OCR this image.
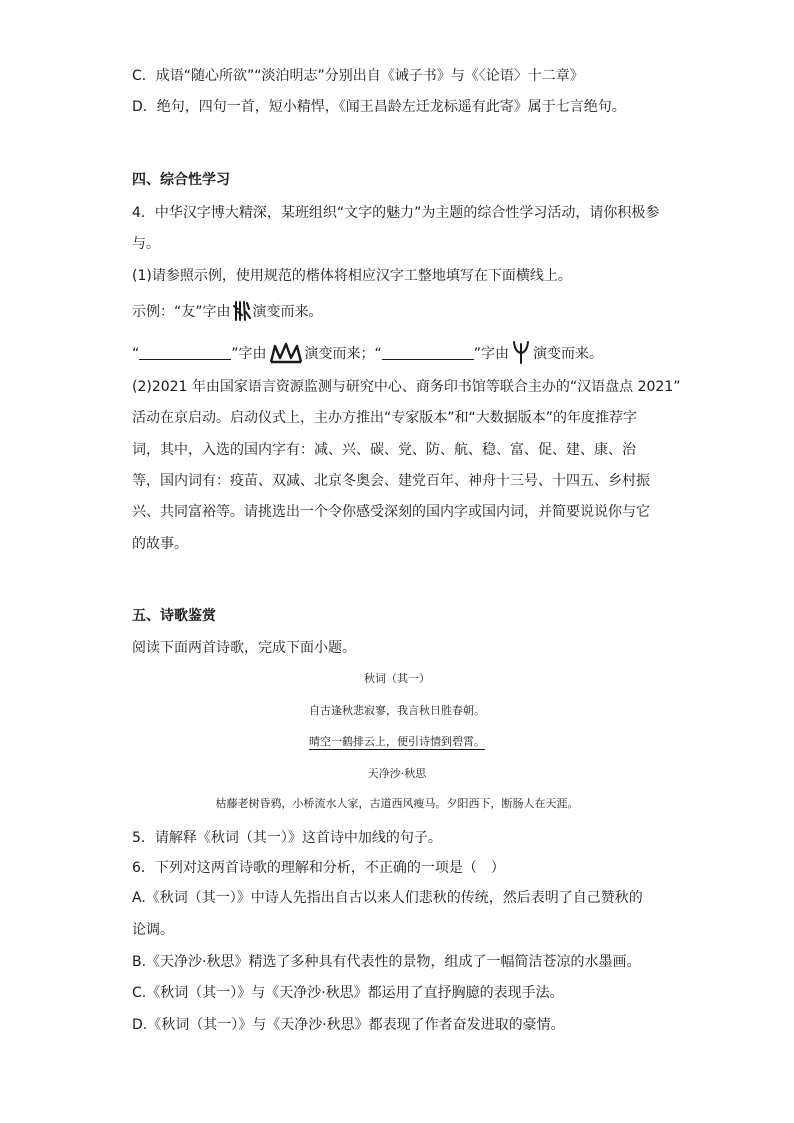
C．成语“随心所欲”“淡泊明志”分别出自《诫子书》与《〈论语〉十二章》
D．绝句，四句一首，短小精悍，《闻王昌龄左迁龙标遥有此寄》属于七言绝句。
四、综合性学习
4．中华汉字博大精深，某班组织“文字的魅力”为主题的综合性学习活动，请你积极参
与。
(1)请参照示例，使用规范的楷体将相应汉字工整地填写在下面横线上。
示例：“友”字由 演变而来。
“	”字由	演变而来；“	”字由 演变而来。
(2)2021 年由国家语言资源监测与研究中心、商务印书馆等联合主办的“汉语盘点 2021”
活动在京启动。启动仪式上，主办方推出“专家版本”和“大数据版本”的年度推荐字
词，其中，入选的国内字有：减、兴、碳、党、防、航、稳、富、促、建、康、治
等，国内词有：疫苗、双减、北京冬奥会、建党百年、神舟十三号、十四五、乡村振
兴、共同富裕等。请挑选出一个令你感受深刻的国内字或国内词，并简要说说你与它
的故事。
五、诗歌鉴赏
阅读下面两首诗歌，完成下面小题。
秋词（其一）
自古逢秋悲寂寥，我言秋日胜春朝。
晴空一鹤排云上，便引诗情到碧霄。
天净沙·秋思
枯藤老树昏鸦，小桥流水人家，古道西风瘦马。夕阳西下，断肠人在天涯。
5．请解释《秋词（其一）》这首诗中加线的句子。
6．下列对这两首诗歌的理解和分析，不正确的一项是（　）
A.《秋词（其一）》中诗人先指出自古以来人们悲秋的传统，然后表明了自己赞秋的
论调。
B.《天净沙·秋思》精选了多种具有代表性的景物，组成了一幅简洁苍凉的水墨画。
C.《秋词（其一）》与《天净沙·秋思》都运用了直抒胸臆的表现手法。
D.《秋词（其一）》与《天净沙·秋思》都表现了作者奋发进取的豪情。
